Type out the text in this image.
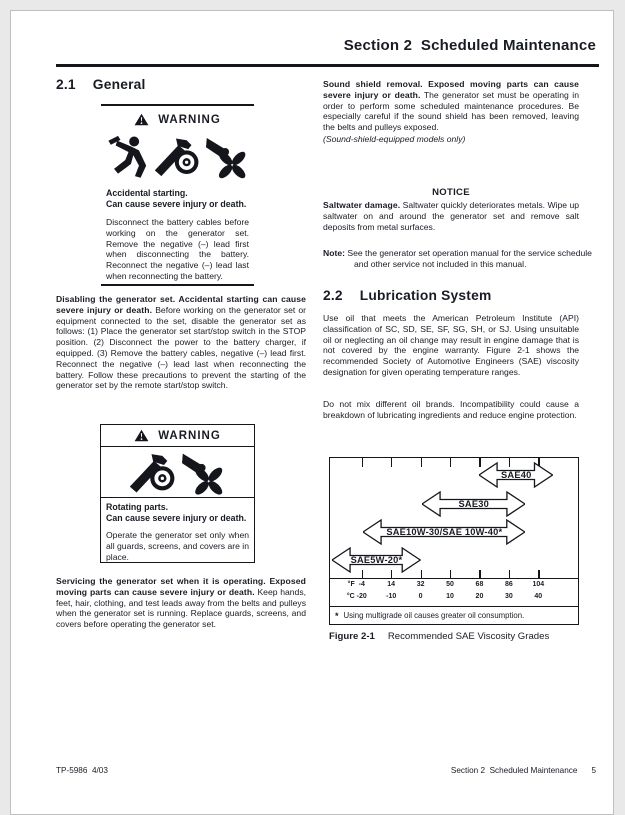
Section 2  Scheduled Maintenance
2.1 General
WARNING
Accidental starting.
Can cause severe injury or death.
Disconnect the battery cables before working on the generator set. Remove the negative (–) lead first when disconnecting the battery. Reconnect the negative (–) lead last when reconnecting the battery.

Disabling the generator set. Accidental starting can cause severe injury or death. Before working on the generator set or equipment connected to the set, disable the generator set as follows: (1) Place the generator set start/stop switch in the STOP position. (2) Disconnect the power to the battery charger, if equipped. (3) Remove the battery cables, negative (–) lead first. Reconnect the negative (–) lead last when reconnecting the battery. Follow these precautions to prevent the starting of the generator set by the remote start/stop switch.

WARNING
Rotating parts.
Can cause severe injury or death.
Operate the generator set only when all guards, screens, and covers are in place.

Servicing the generator set when it is operating. Exposed moving parts can cause severe injury or death. Keep hands, feet, hair, clothing, and test leads away from the belts and pulleys when the generator set is running. Replace guards, screens, and covers before operating the generator set.

Sound shield removal. Exposed moving parts can cause severe injury or death. The generator set must be operating in order to perform some scheduled maintenance procedures. Be especially careful if the sound shield has been removed, leaving the belts and pulleys exposed.

(Sound-shield-equipped models only)
NOTICE

Saltwater damage. Saltwater quickly deteriorates metals. Wipe up saltwater on and around the generator set and remove salt deposits from metal surfaces.

Note: See the generator set operation manual for the service schedule and other service not included in this manual.

2.2 Lubrication System

Use oil that meets the American Petroleum Institute (API) classification of SC, SD, SE, SF, SG, SH, or SJ. Using unsuitable oil or neglecting an oil change may result in engine damage that is not covered by the engine warranty. Figure 2-1 shows the recommended Society of Automotive Engineers (SAE) viscosity designation for given operating temperature ranges.

Do not mix different oil brands. Incompatibility could cause a breakdown of lubricating ingredients and reduce engine protection.

SAE40
SAE30
SAE10W-30/SAE 10W-40*
SAE5W-20*
°F -4	14	32	50	68	86	104
°C -20	-10	0	10	20	30	40
* Using multigrade oil causes greater oil consumption.
Figure 2-1 Recommended SAE Viscosity Grades
TP-5986  4/03	Section 2  Scheduled Maintenance 5
